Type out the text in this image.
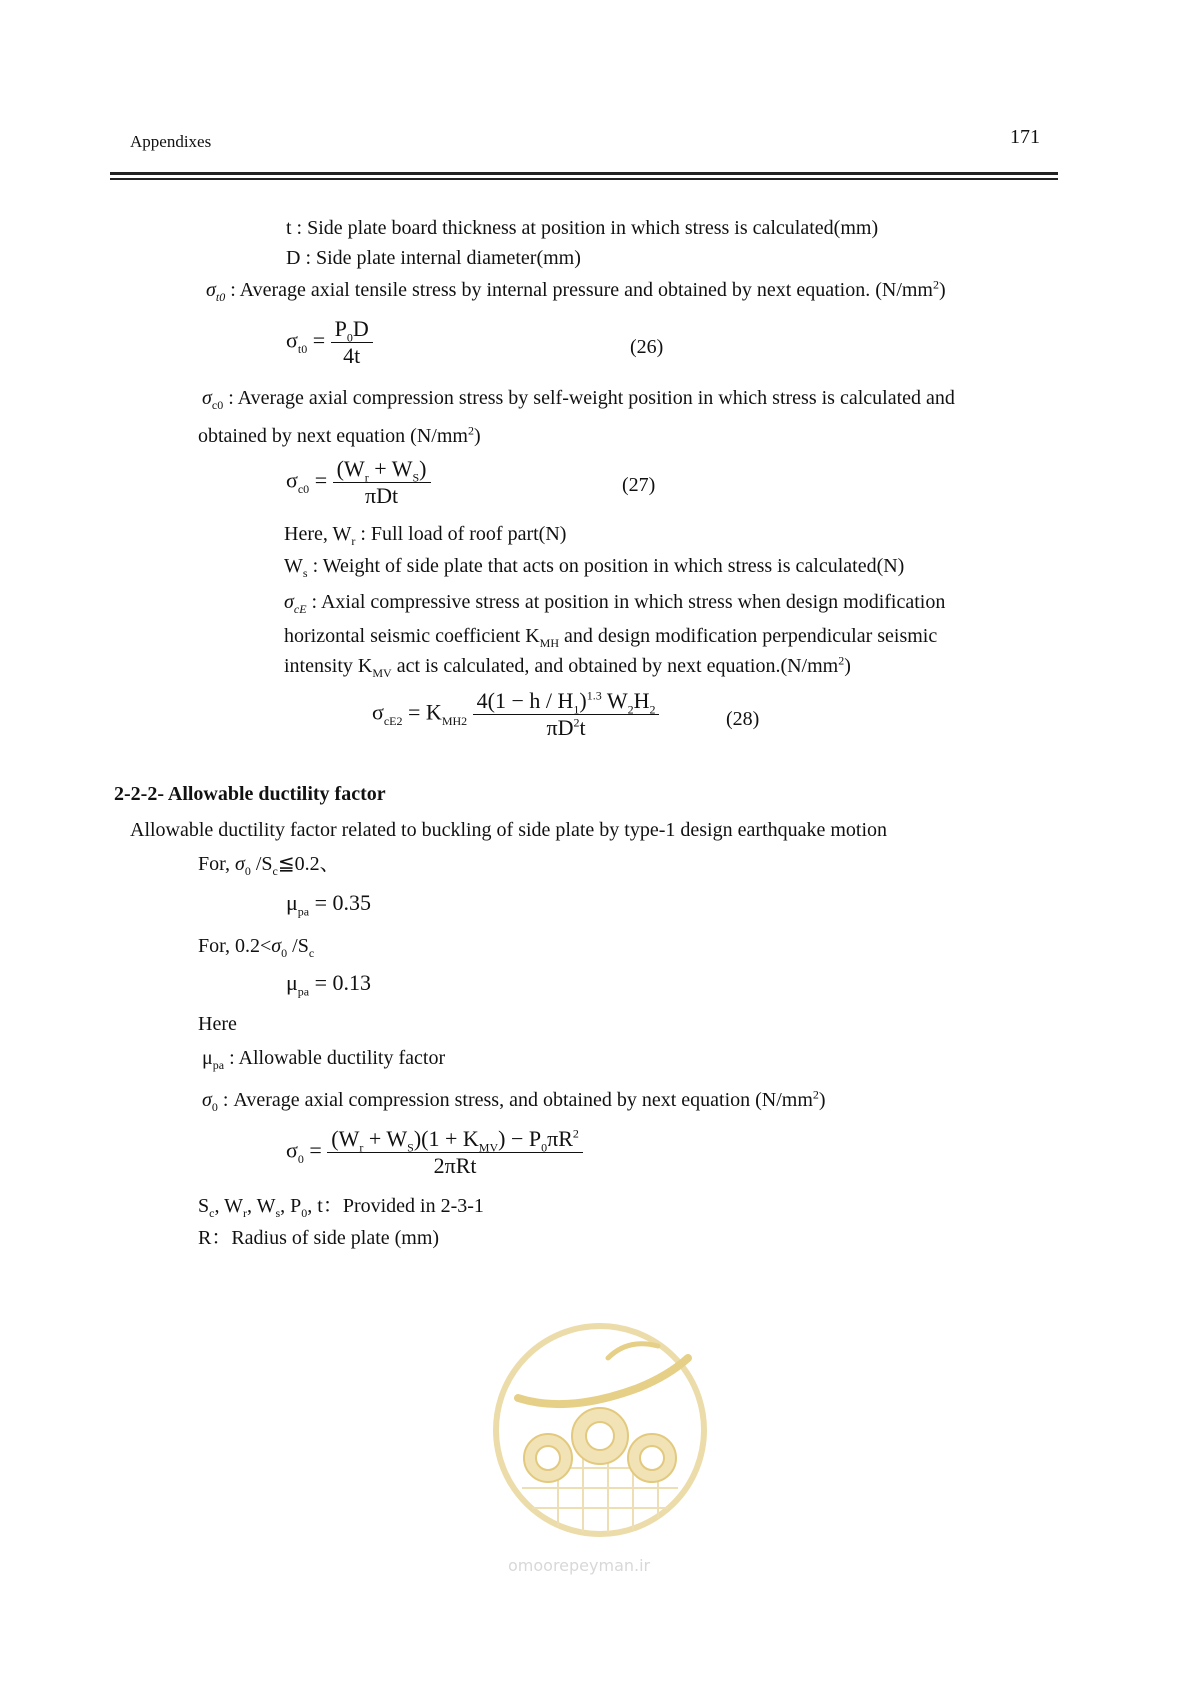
Appendixes	171
t : Side plate board thickness at position in which stress is calculated(mm)
D : Side plate internal diameter(mm)
$\sigma_{t0}$ : Average axial tensile stress by internal pressure and obtained by next equation. $(N/mm^2)$
$\sigma_{t0} = \frac{P_0D}{4t}$	(26)
$\sigma_{c0}$ : Average axial compression stress by self-weight position in which stress is calculated and
obtained by next equation $(N/mm^2)$
$\sigma_{c0} = \frac{(W_r + W_S)}{\text{πDt}}$	(27)
Here, $W_r$ : Full load of roof part(N)
$W_s$ : Weight of side plate that acts on position in which stress is calculated(N)
$\sigma_{cE}$ : Axial compressive stress at position in which stress when design modification
horizontal seismic coefficient $K_{MH}$ and design modification perpendicular seismic
intensity $K_{MV}$ act is calculated, and obtained by next $equation.(N/mm^2)$
$\sigma_{cE2} = K_{MH2} \frac{4(1 - h / H_1)^{1.3} W_2H_2}{\pi D^2t}$	(28)
2-2-2- Allowable ductility factor
Allowable ductility factor related to buckling of side plate by type-1 design earthquake motion
For, $\sigma_0$ $/S_c≦0.2$、
$\mu_{pa} = 0.35$
For, $0.2<\sigma_0$ $/S_c$
$\mu_{pa} = 0.13$
Here
$\mu_{pa}$ : Allowable ductility factor
$\sigma_0$ : Average axial compression stress, and obtained by next equation $(N/mm^2)$
$\sigma_0 = \frac{(W_r + W_S)(1 + K_{MV}) - P_0\pi R^2}{\text{2πRt}}$
$S_c$, $W_r$, $W_s$, $P_0$, t：Provided in 2-3-1
R：Radius of side plate (mm)
omoorepeyman.ir
